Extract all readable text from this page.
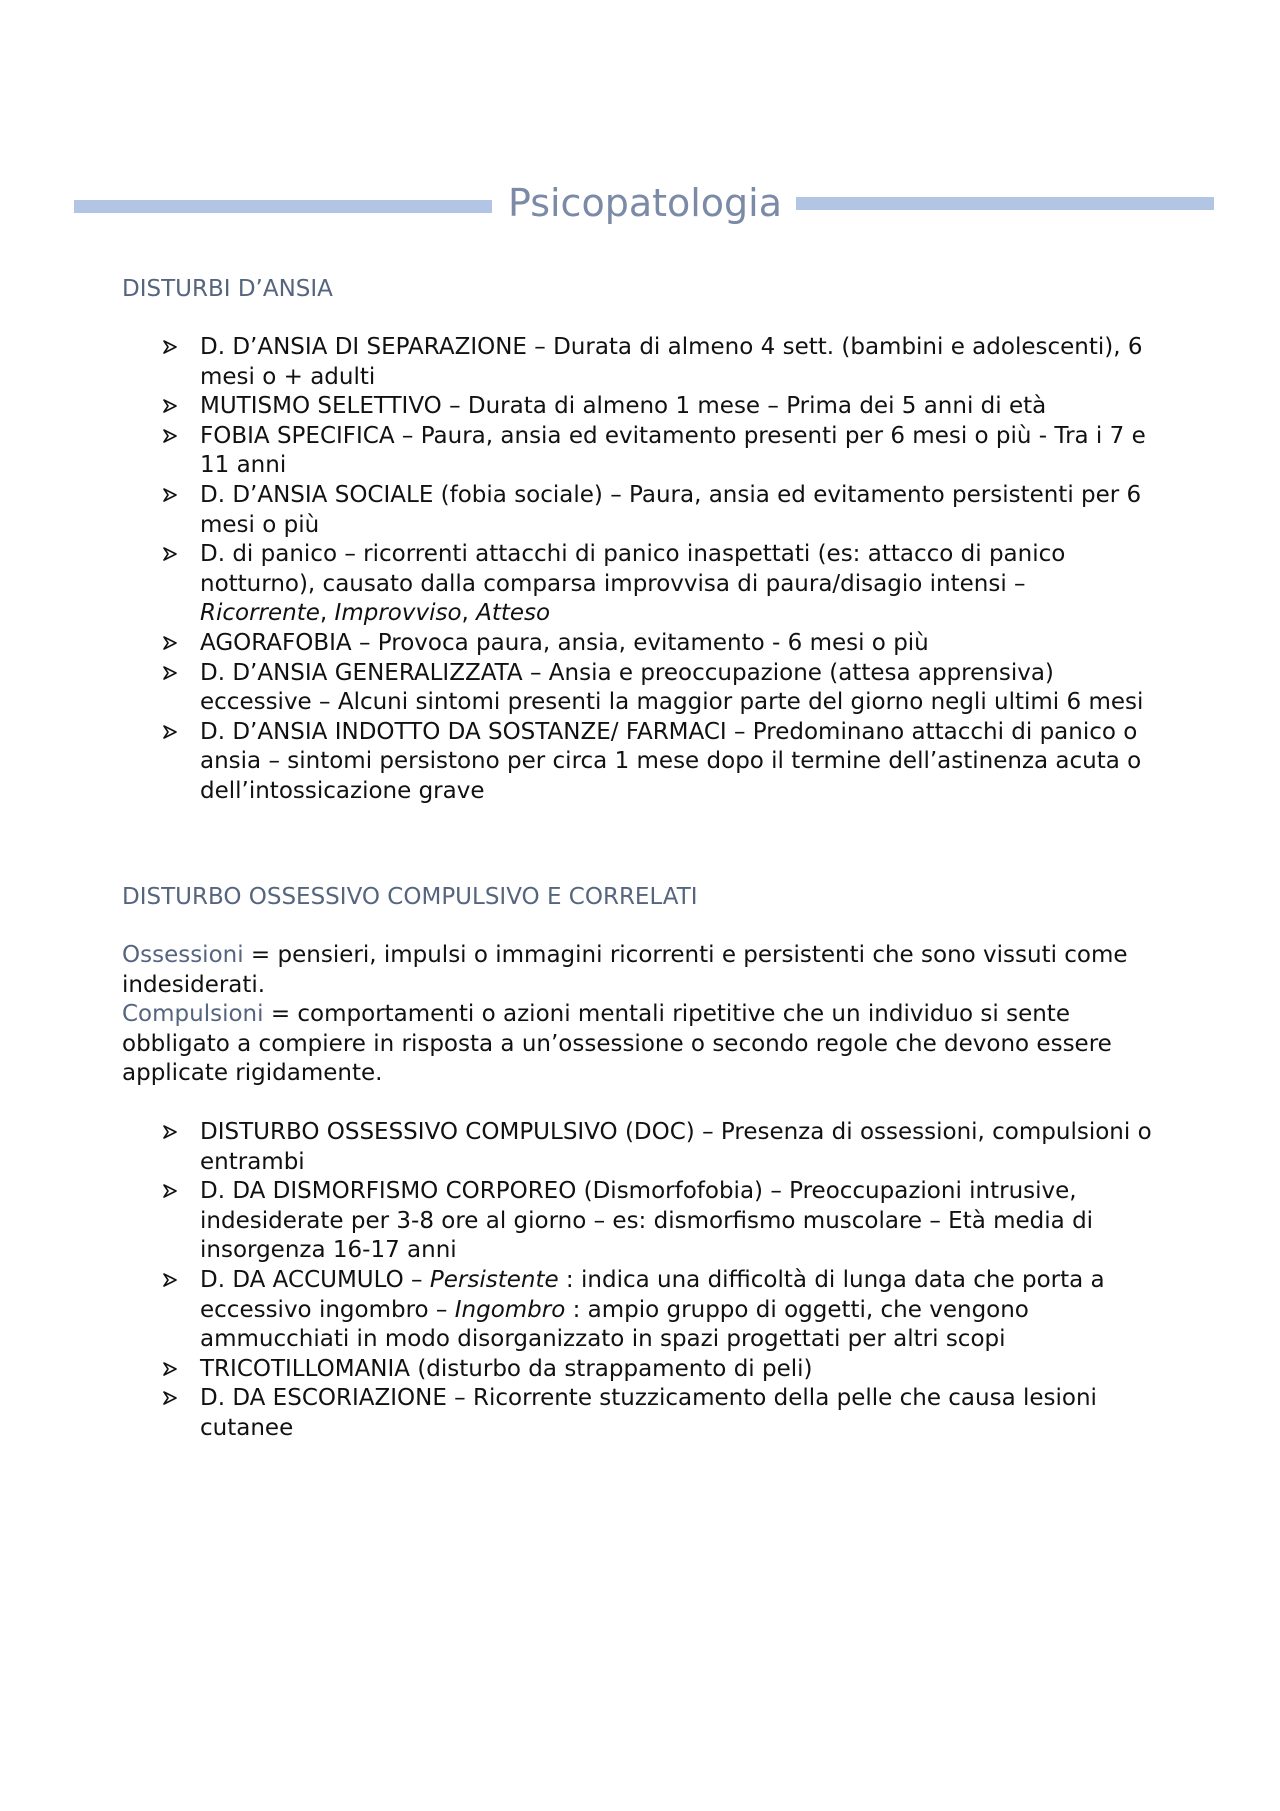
Psicopatologia
DISTURBI D’ANSIA
D. D’ANSIA DI SEPARAZIONE – Durata di almeno 4 sett. (bambini e adolescenti), 6 mesi o + adulti
MUTISMO SELETTIVO – Durata di almeno 1 mese – Prima dei 5 anni di età
FOBIA SPECIFICA – Paura, ansia ed evitamento presenti per 6 mesi o più - Tra i 7 e 11 anni
D. D’ANSIA SOCIALE (fobia sociale) – Paura, ansia ed evitamento persistenti per 6 mesi o più
D. di panico – ricorrenti attacchi di panico inaspettati (es: attacco di panico notturno), causato dalla comparsa improvvisa di paura/disagio intensi – Ricorrente, Improvviso, Atteso
AGORAFOBIA – Provoca paura, ansia, evitamento - 6 mesi o più
D. D’ANSIA GENERALIZZATA – Ansia e preoccupazione (attesa apprensiva) eccessive – Alcuni sintomi presenti la maggior parte del giorno negli ultimi 6 mesi
D. D’ANSIA INDOTTO DA SOSTANZE/ FARMACI – Predominano attacchi di panico o ansia – sintomi persistono per circa 1 mese dopo il termine dell’astinenza acuta o dell’intossicazione grave
DISTURBO OSSESSIVO COMPULSIVO E CORRELATI
Ossessioni = pensieri, impulsi o immagini ricorrenti e persistenti che sono vissuti come indesiderati.
Compulsioni = comportamenti o azioni mentali ripetitive che un individuo si sente obbligato a compiere in risposta a un’ossessione o secondo regole che devono essere applicate rigidamente.
DISTURBO OSSESSIVO COMPULSIVO (DOC) – Presenza di ossessioni, compulsioni o entrambi
D. DA DISMORFISMO CORPOREO (Dismorfofobia) – Preoccupazioni intrusive, indesiderate per 3-8 ore al giorno – es: dismorfismo muscolare – Età media di insorgenza 16-17 anni
D. DA ACCUMULO – Persistente : indica una difficoltà di lunga data che porta a eccessivo ingombro – Ingombro : ampio gruppo di oggetti, che vengono ammucchiati in modo disorganizzato in spazi progettati per altri scopi
TRICOTILLOMANIA (disturbo da strappamento di peli)
D. DA ESCORIAZIONE – Ricorrente stuzzicamento della pelle che causa lesioni cutanee
